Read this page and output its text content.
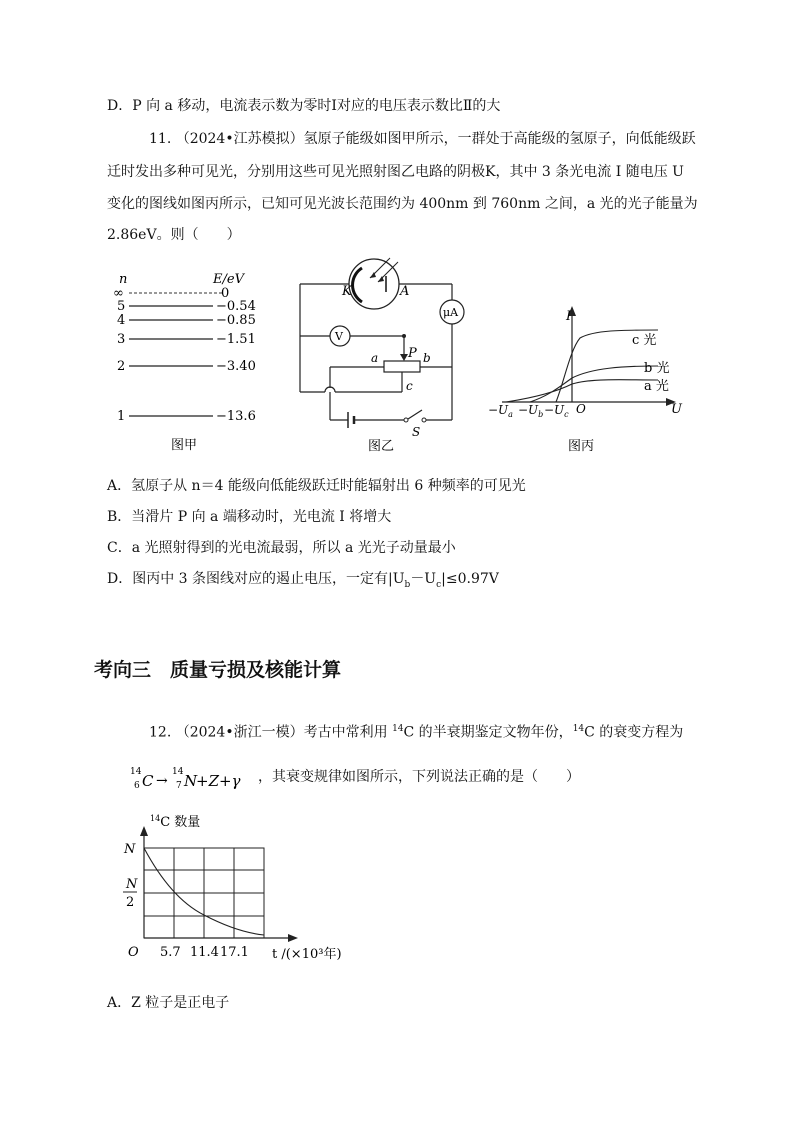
D．P 向 a 移动，电流表示数为零时Ⅰ对应的电压表示数比Ⅱ的大
11. （2024•江苏模拟）氢原子能级如图甲所示，一群处于高能级的氢原子，向低能级跃
迁时发出多种可见光，分别用这些可见光照射图乙电路的阴极K，其中 3 条光电流 I 随电压 U
变化的图线如图丙所示，已知可见光波长范围约为 400nm 到 760nm 之间，a 光的光子能量为
2.86eV。则（　　）
n	E/eV
∞	0
5	−0.54
4	−0.85
3	−1.51
2	−3.40
1	−13.6
图甲
K	A
μA
V
P
a	b
c
S
图乙
I
U
O
c 光
b 光
a 光
$-U_a -U_b -U_c$
图丙
A．氢原子从 n＝4 能级向低能级跃迁时能辐射出 6 种频率的可见光
B．当滑片 P 向 a 端移动时，光电流 I 将增大
C．a 光照射得到的光电流最弱，所以 a 光光子动量最小
D．图丙中 3 条图线对应的遏止电压，一定有$|U_b-U_c|\le 0.97V$
考向三　质量亏损及核能计算
12. （2024•浙江一模）考古中常利用 $^{14}$C 的半衰期鉴定文物年份，$^{14}$C 的衰变方程为
14
6 C →
14
7 N
+Z+γ ，其衰变规律如图所示，下列说法正确的是（　　）
$^{14}$C 数量
N
N
2
O 5.7 11.4 17.1 t /(×10³年)
A．Z 粒子是正电子
